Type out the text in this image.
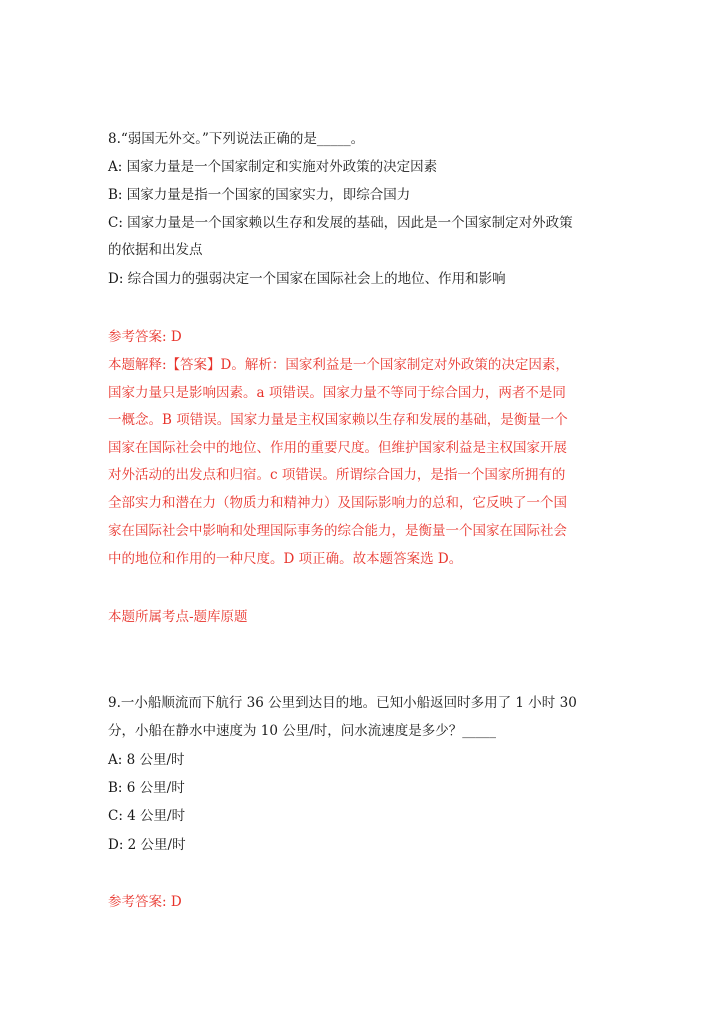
8.“弱国无外交。”下列说法正确的是_____。
A: 国家力量是一个国家制定和实施对外政策的决定因素
B: 国家力量是指一个国家的国家实力，即综合国力
C: 国家力量是一个国家赖以生存和发展的基础，因此是一个国家制定对外政策
的依据和出发点
D: 综合国力的强弱决定一个国家在国际社会上的地位、作用和影响
参考答案: D
本题解释:【答案】D。解析：国家利益是一个国家制定对外政策的决定因素，
国家力量只是影响因素。a 项错误。国家力量不等同于综合国力，两者不是同
一概念。B 项错误。国家力量是主权国家赖以生存和发展的基础，是衡量一个
国家在国际社会中的地位、作用的重要尺度。但维护国家利益是主权国家开展
对外活动的出发点和归宿。c 项错误。所谓综合国力，是指一个国家所拥有的
全部实力和潜在力（物质力和精神力）及国际影响力的总和，它反映了一个国
家在国际社会中影响和处理国际事务的综合能力，是衡量一个国家在国际社会
中的地位和作用的一种尺度。D 项正确。故本题答案选 D。
本题所属考点-题库原题
9.一小船顺流而下航行 36 公里到达目的地。已知小船返回时多用了 1 小时 30
分，小船在静水中速度为 10 公里/时，问水流速度是多少？_____
A: 8 公里/时
B: 6 公里/时
C: 4 公里/时
D: 2 公里/时
参考答案: D
